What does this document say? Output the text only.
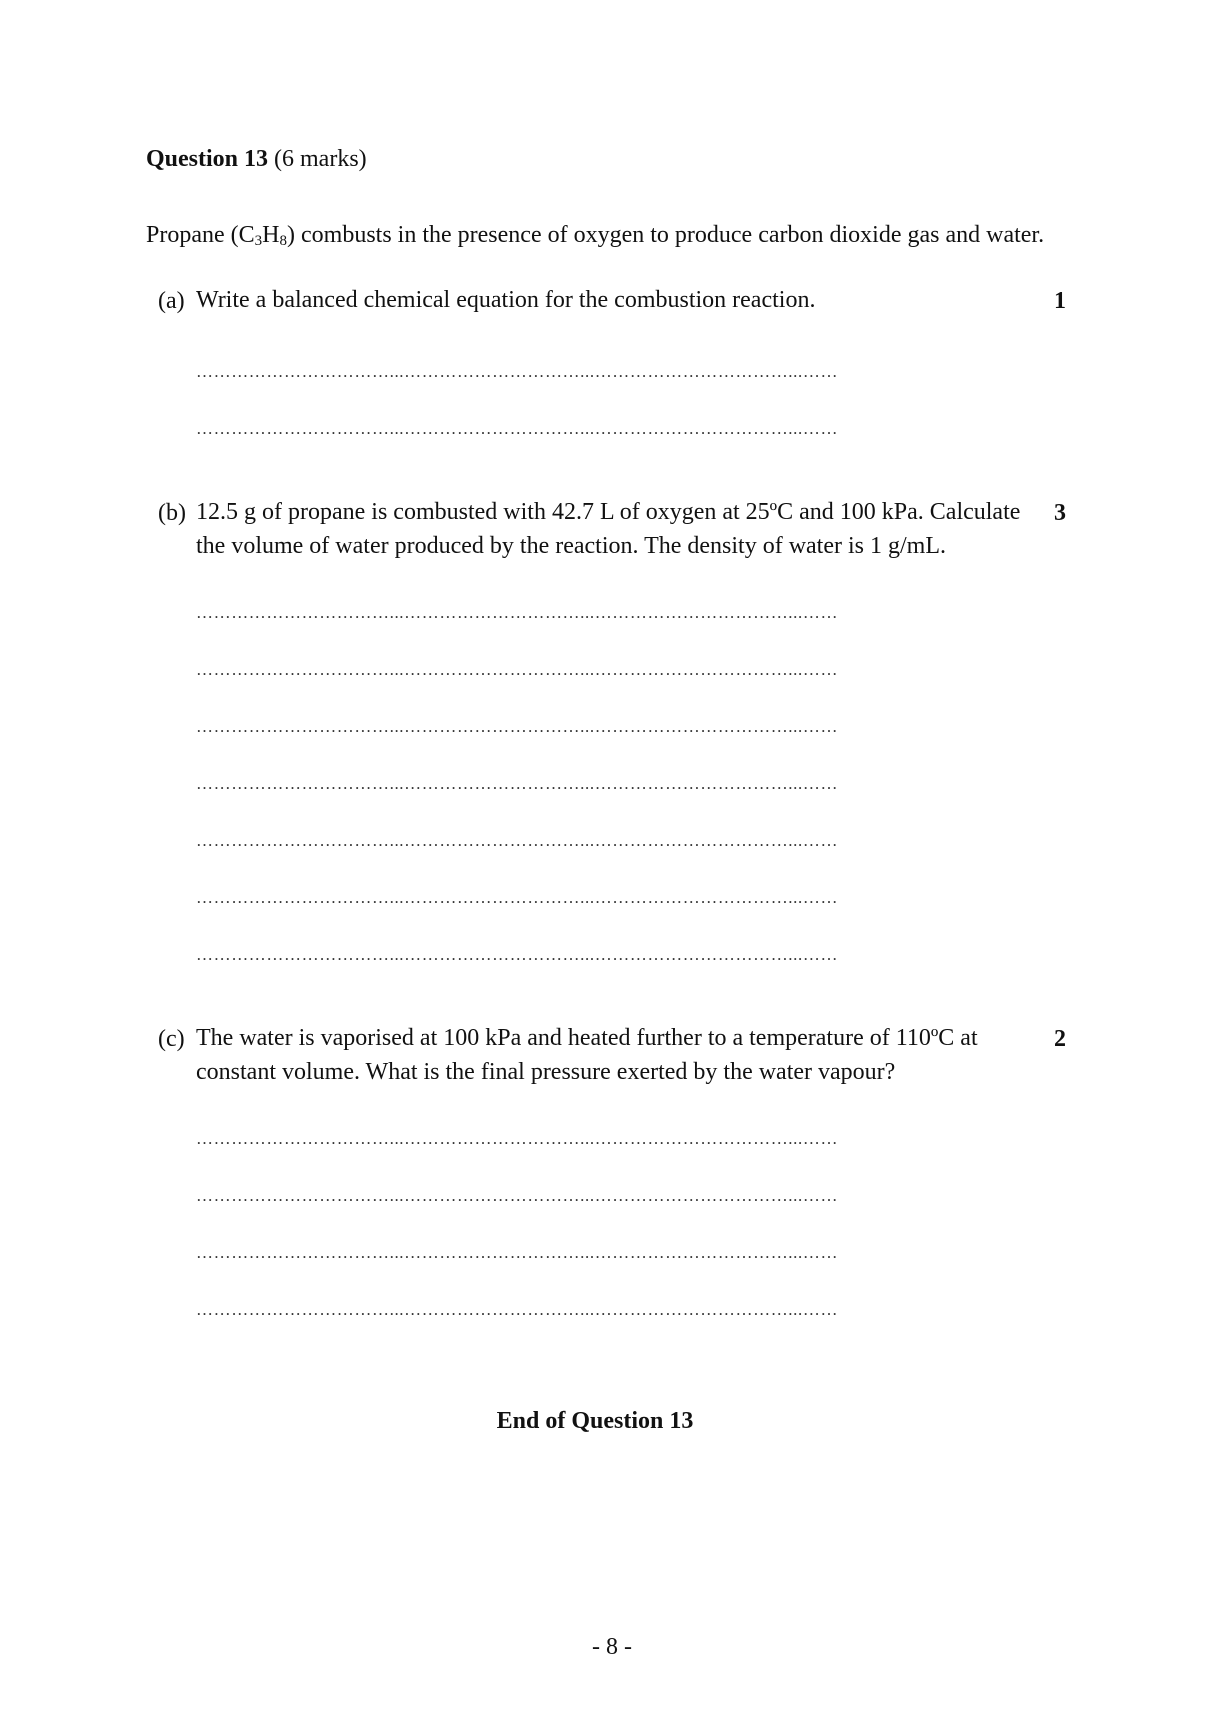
Question 13 (6 marks)
Propane $(C_3H_8)$ combusts in the presence of oxygen to produce carbon dioxide gas and water.
(a) Write a balanced chemical equation for the combustion reaction.	1
……………………………...…………………………...……………………………...……
……………………………...…………………………...……………………………...……
(b) 12.5 g of propane is combusted with 42.7 L of oxygen at 25ºC and 100 kPa. Calculate
the volume of water produced by the reaction. The density of water is 1 g/mL.
3
……………………………...…………………………...……………………………...……
……………………………...…………………………...……………………………...……
……………………………...…………………………...……………………………...……
……………………………...…………………………...……………………………...……
……………………………...…………………………...……………………………...……
……………………………...…………………………...……………………………...……
……………………………...…………………………...……………………………...……
(c) The water is vaporised at 100 kPa and heated further to a temperature of 110ºC at
constant volume. What is the final pressure exerted by the water vapour?
2
……………………………...…………………………...……………………………...……
……………………………...…………………………...……………………………...……
……………………………...…………………………...……………………………...……
……………………………...…………………………...……………………………...……
End of Question 13
- 8 -
